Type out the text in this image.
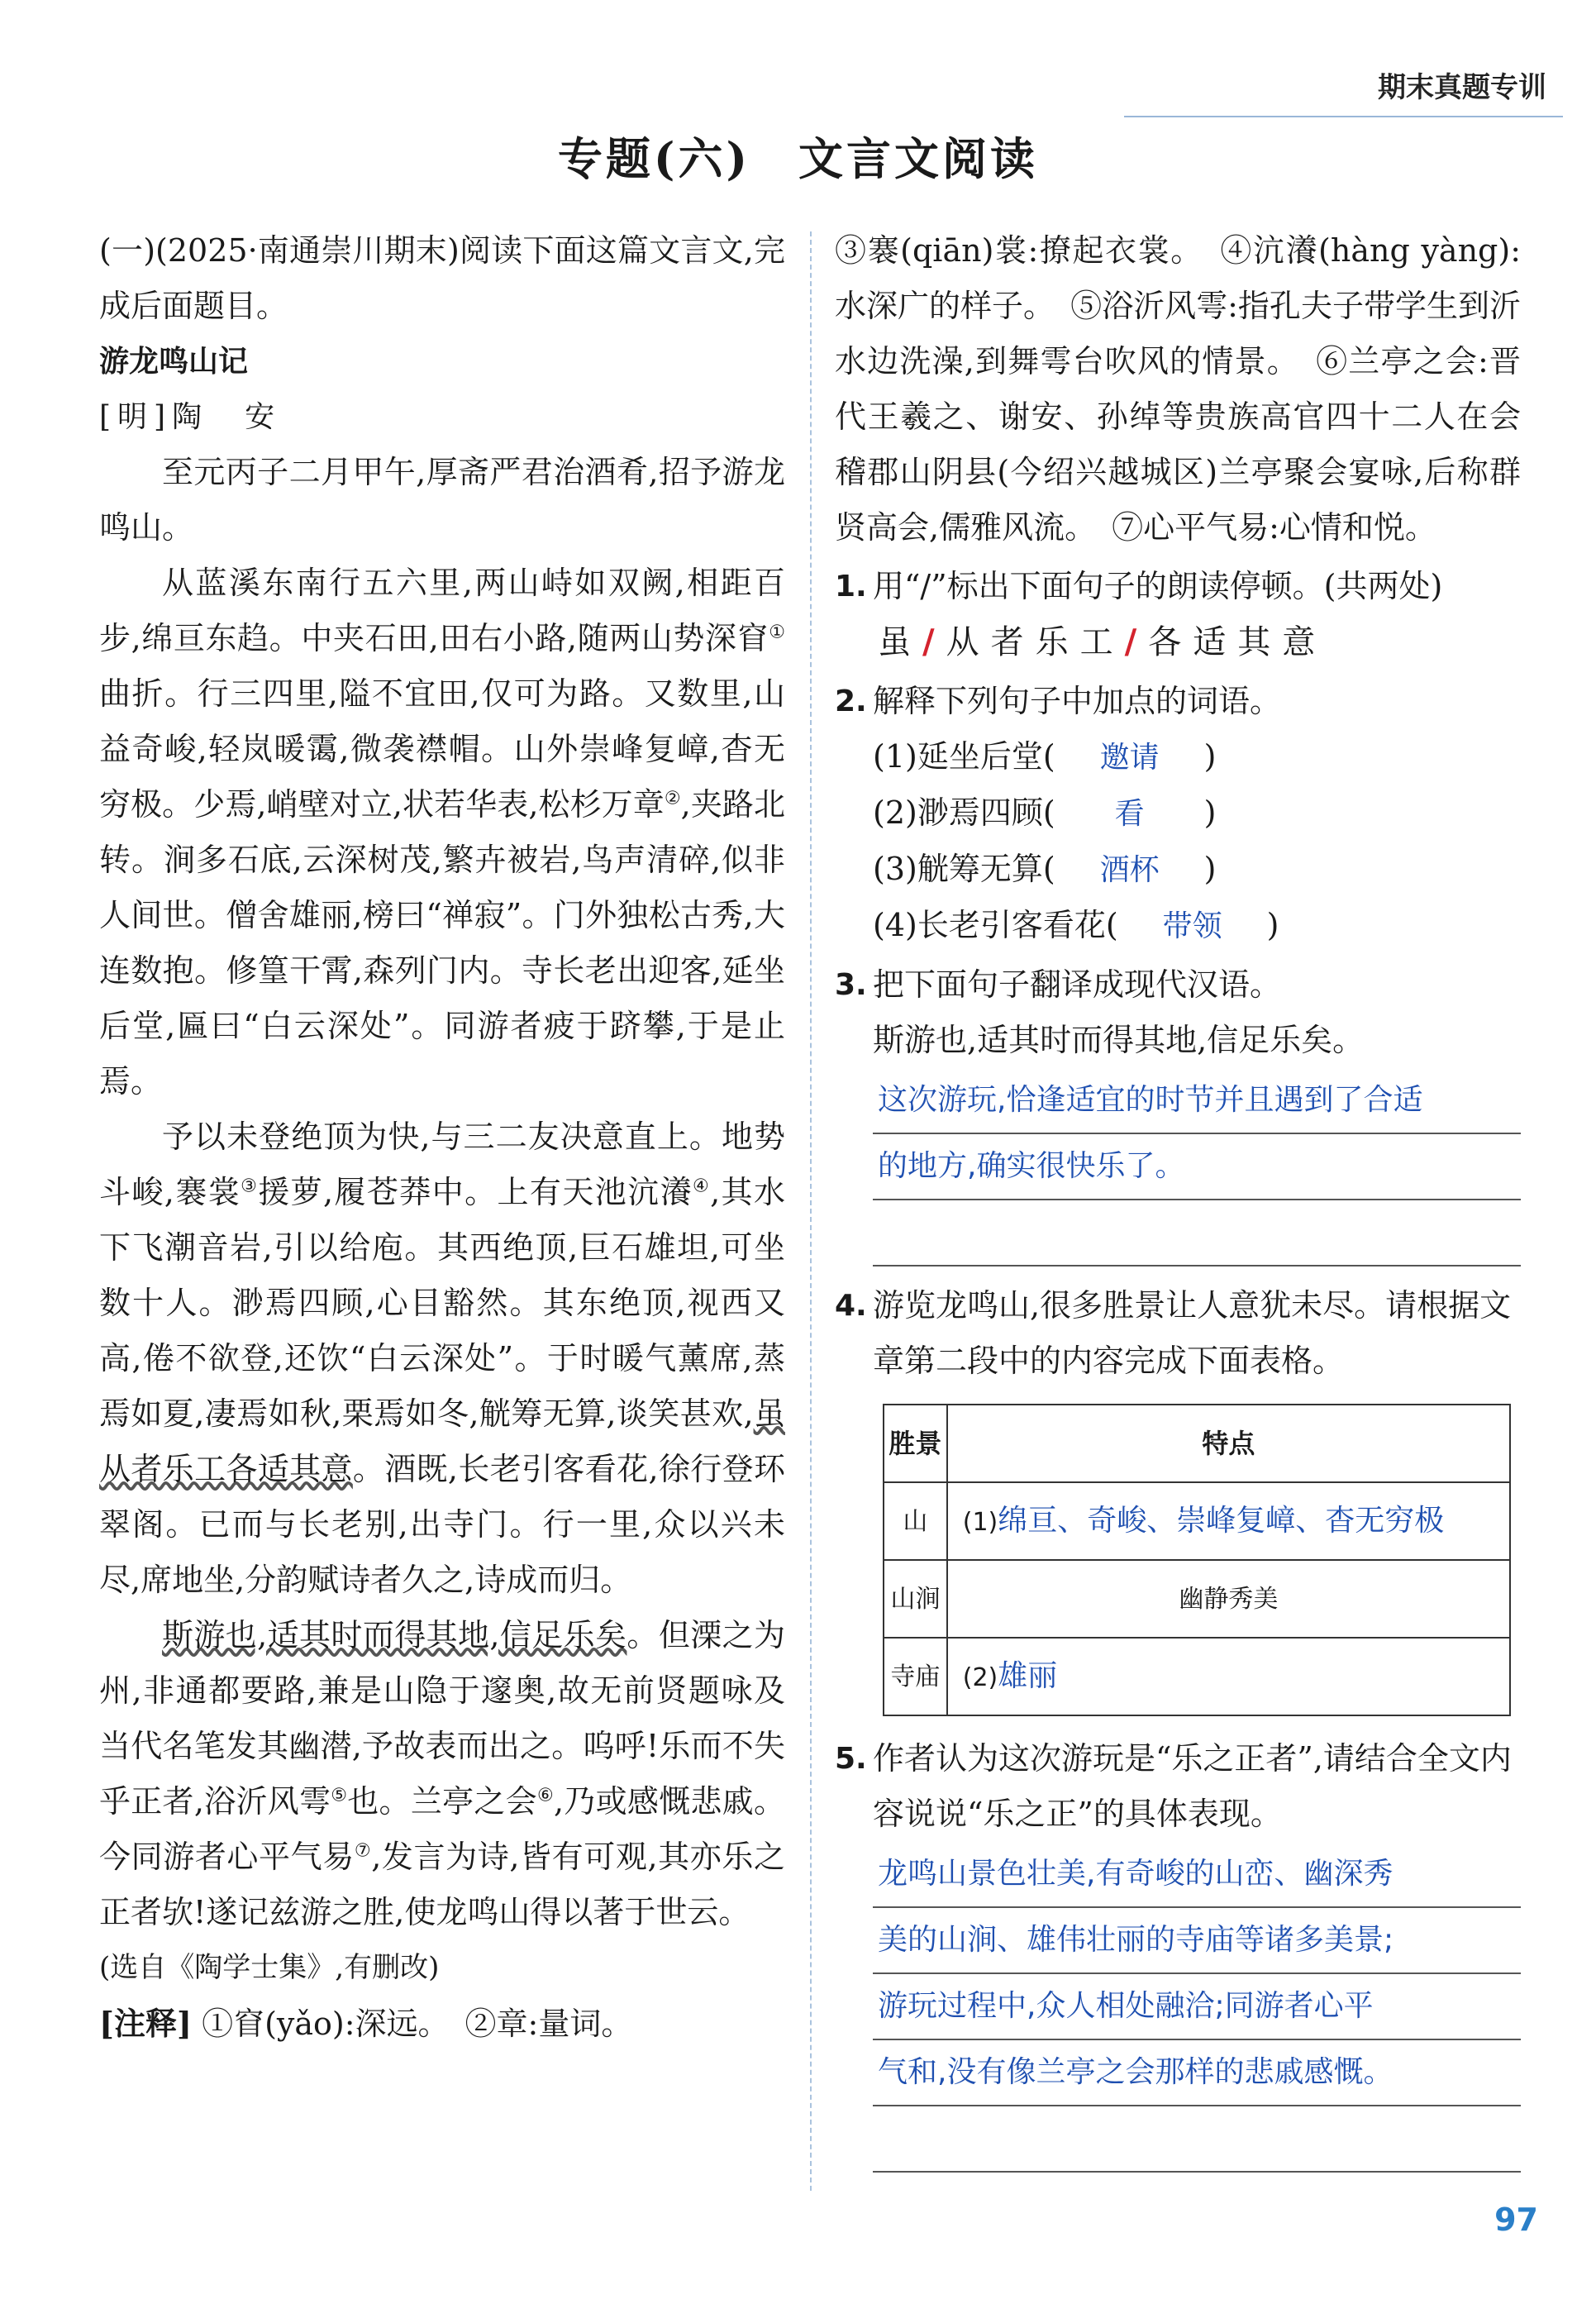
期末真题专训
专题(六)　文言文阅读

(一)(2025·南通崇川期末)阅读下面这篇文言文,完成后面题目。

游龙鸣山记

[明]陶　安

至元丙子二月甲午,厚斋严君治酒肴,招予游龙鸣山。

从蓝溪东南行五六里,两山峙如双阙,相距百步,绵亘东趋。中夹石田,田右小路,随两山势深窅①曲折。行三四里,隘不宜田,仅可为路。又数里,山益奇峻,轻岚暖霭,微袭襟帽。山外崇峰复嶂,杳无穷极。少焉,峭壁对立,状若华表,松杉万章②,夹路北转。涧多石底,云深树茂,繁卉被岩,鸟声清碎,似非人间世。僧舍雄丽,榜曰“禅寂”。门外独松古秀,大连数抱。修篁干霄,森列门内。寺长老出迎客,延坐后堂,匾曰“白云深处”。同游者疲于跻攀,于是止焉。

予以未登绝顶为快,与三二友决意直上。地势斗峻,褰裳③援萝,履苍莽中。上有天池沆瀁④,其水下飞潮音岩,引以给庖。其西绝顶,巨石雄坦,可坐数十人。渺焉四顾,心目豁然。其东绝顶,视西又高,倦不欲登,还饮“白云深处”。于时暖气薰席,蒸焉如夏,凄焉如秋,栗焉如冬,觥筹无算,谈笑甚欢,虽从者乐工各适其意。酒既,长老引客看花,徐行登环翠阁。已而与长老别,出寺门。行一里,众以兴未尽,席地坐,分韵赋诗者久之,诗成而归。

斯游也,适其时而得其地,信足乐矣。但溧之为州,非通都要路,兼是山隐于邃奥,故无前贤题咏及当代名笔发其幽潜,予故表而出之。呜呼!乐而不失乎正者,浴沂风雩⑤也。兰亭之会⑥,乃或感慨悲戚。今同游者心平气易⑦,发言为诗,皆有可观,其亦乐之正者欤!遂记兹游之胜,使龙鸣山得以著于世云。

(选自《陶学士集》,有删改)

[注释] ①窅(yǎo):深远。　②章:量词。

③褰(qiān)裳:撩起衣裳。　④沆瀁(hàng yàng):水深广的样子。　⑤浴沂风雩:指孔夫子带学生到沂水边洗澡,到舞雩台吹风的情景。　⑥兰亭之会:晋代王羲之、谢安、孙绰等贵族高官四十二人在会稽郡山阴县(今绍兴越城区)兰亭聚会宴咏,后称群贤高会,儒雅风流。　⑦心平气易:心情和悦。

1. 用“/”标出下面句子的朗读停顿。(共两处)
虽/从者乐工/各适其意
2. 解释下列句子中加点的词语。
(1)延坐后堂(	邀请	)
(2)渺焉四顾(	看	)
(3)觥筹无算(	酒杯	)
(4)长老引客看花(	带领	)
3. 把下面句子翻译成现代汉语。

斯游也,适其时而得其地,信足乐矣。

这次游玩,恰逢适宜的时节并且遇到了合适
的地方,确实很快乐了。
4. 游览龙鸣山,很多胜景让人意犹未尽。请根据文章第二段中的内容完成下面表格。
胜景	特点
山	(1)绵亘、奇峻、崇峰复嶂、杳无穷极
山涧	幽静秀美
寺庙	(2)雄丽
5. 作者认为这次游玩是“乐之正者”,请结合全文内容说说“乐之正”的具体表现。
龙鸣山景色壮美,有奇峻的山峦、幽深秀
美的山涧、雄伟壮丽的寺庙等诸多美景;
游玩过程中,众人相处融洽;同游者心平
气和,没有像兰亭之会那样的悲戚感慨。
97
